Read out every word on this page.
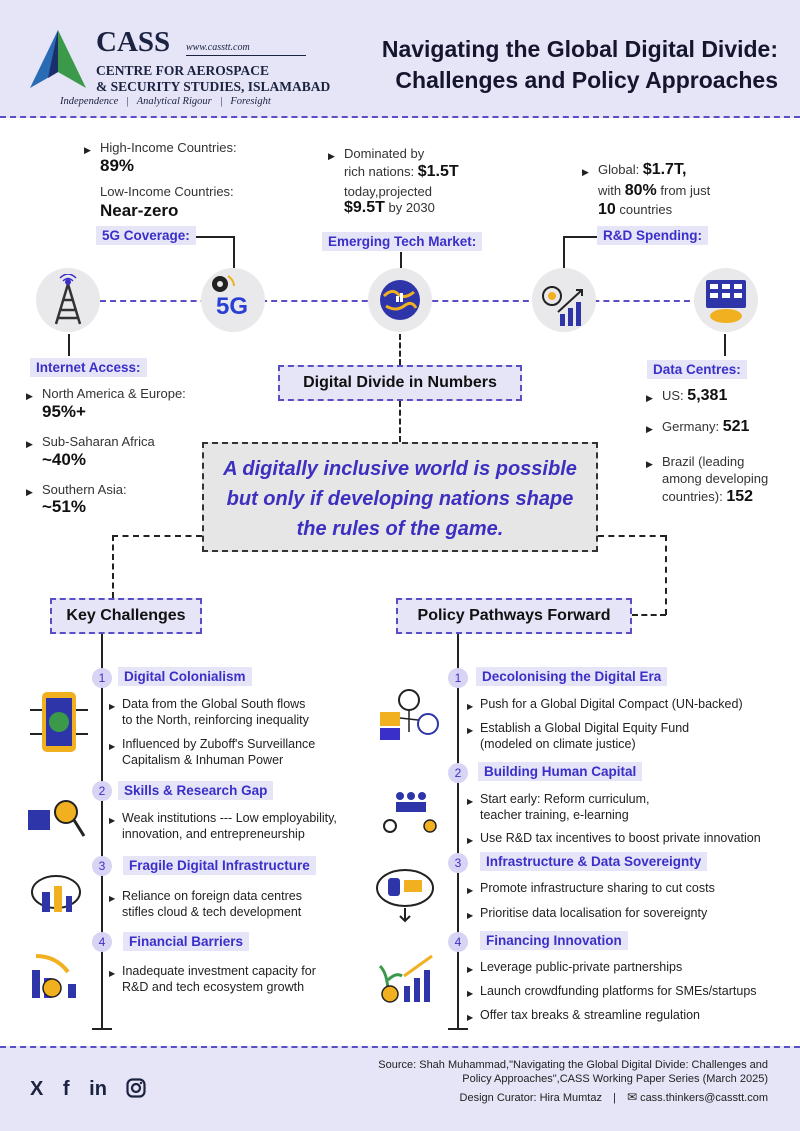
CASS www.casstt.com
CENTRE FOR AEROSPACE
& SECURITY STUDIES, ISLAMABAD
Independence   |   Analytical Rigour   |   Foresight
Navigating the Global Digital Divide:
Challenges and Policy Approaches
▶ High-Income Countries:
89%
Low-Income Countries:
Near-zero
5G Coverage:
▶ Dominated by
rich nations: $1.5T
today,projected
$9.5T by 2030
Emerging Tech Market:
▶ Global: $1.7T,
with 80% from just
10 countries
R&D Spending:
5G
Internet Access:
▶ North America & Europe:
95%+
▶ Sub-Saharan Africa
~40%
▶ Southern Asia:
~51%
Data Centres:
▶ US: 5,381
▶ Germany: 521
▶ Brazil (leading
among developing
countries): 152
Digital Divide in Numbers
A digitally inclusive world is possible
but only if developing nations shape
the rules of the game.
Key Challenges
1	Digital Colonialism
▶ Data from the Global South flows
to the North, reinforcing inequality
▶ Influenced by Zuboff's Surveillance
Capitalism & Inhuman Power
2	Skills & Research Gap
▶ Weak institutions --- Low employability,
innovation, and entrepreneurship
3	Fragile Digital Infrastructure
▶ Reliance on foreign data centres
stifles cloud & tech development
4	Financial Barriers
▶ Inadequate investment capacity for
R&D and tech ecosystem growth
Policy Pathways Forward
1	Decolonising the Digital Era
▶ Push for a Global Digital Compact (UN-backed)
▶ Establish a Global Digital Equity Fund
(modeled on climate justice)
2	Building Human Capital
▶ Start early: Reform curriculum,
teacher training, e-learning
▶ Use R&D tax incentives to boost private innovation
3	Infrastructure & Data Sovereignty
▶ Promote infrastructure sharing to cut costs
▶ Prioritise data localisation for sovereignty
4	Financing Innovation
▶ Leverage public-private partnerships
▶ Launch crowdfunding platforms for SMEs/startups
▶ Offer tax breaks & streamline regulation
X f in
Source: Shah Muhammad,"Navigating the Global Digital Divide: Challenges and
Policy Approaches",CASS Working Paper Series (March 2025)
Design Curator: Hira Mumtaz | ✉ cass.thinkers@casstt.com
